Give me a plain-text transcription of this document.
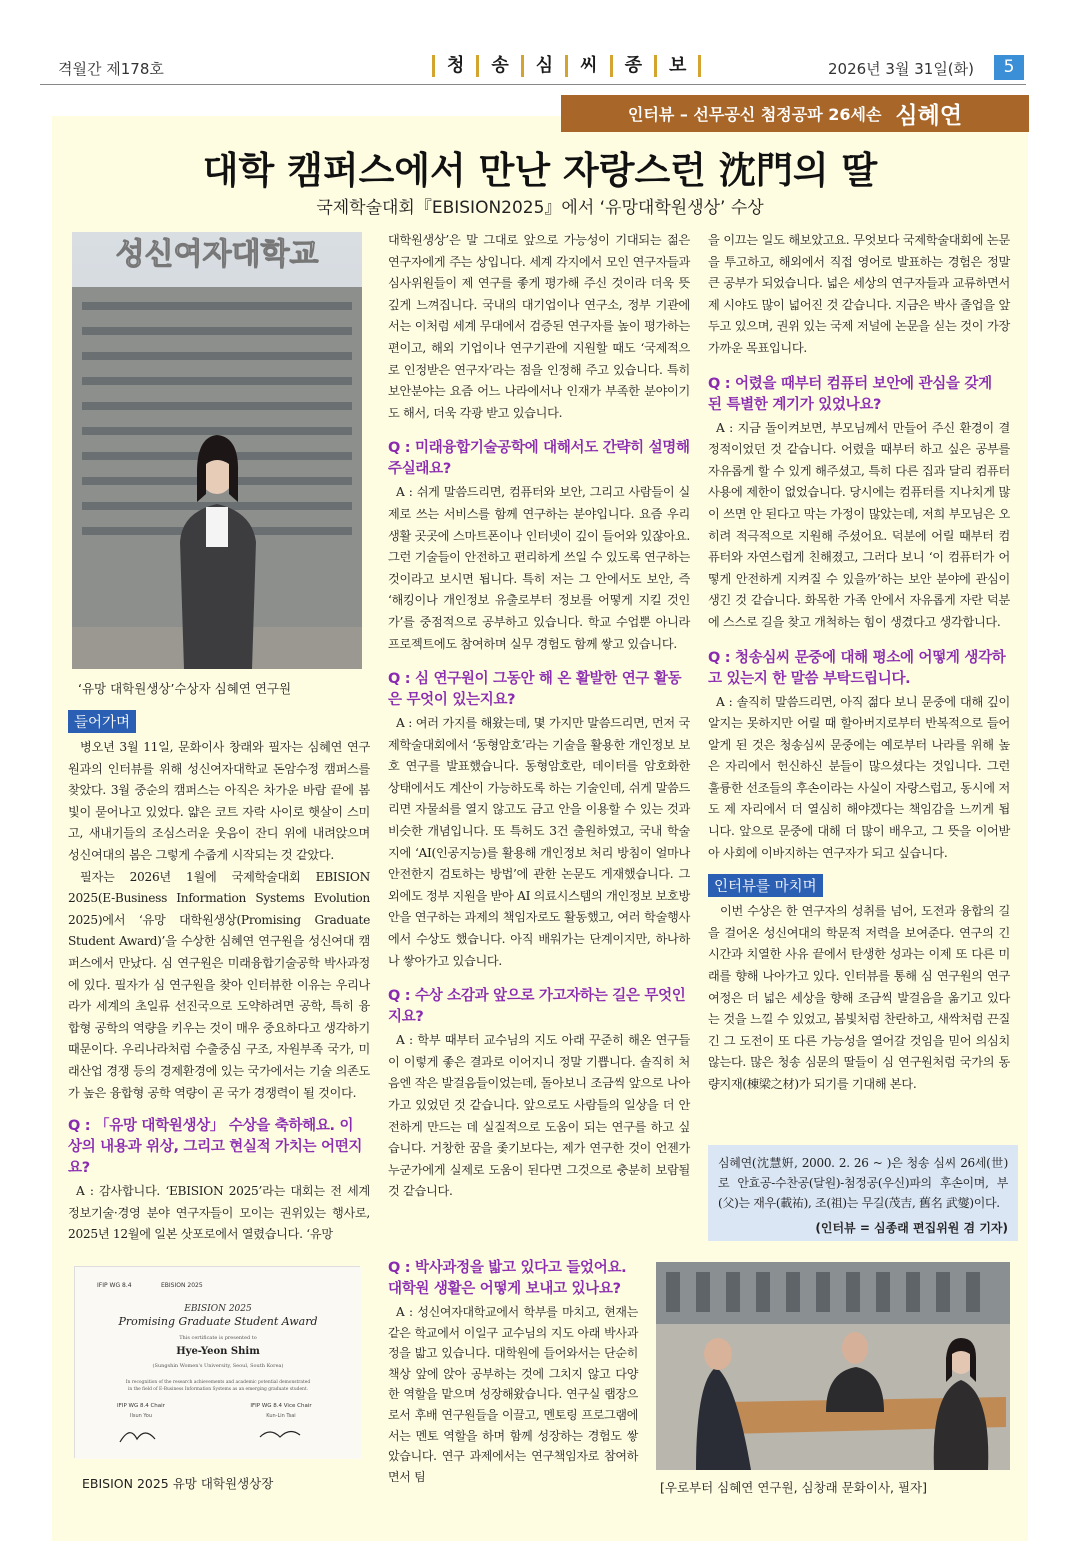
격월간 제178호	청	송	심	씨	종	보	2026년 3월 31일(화)	5
인터뷰 – 선무공신 첨정공파 26세손 심혜연
대학 캠퍼스에서 만난 자랑스런 沈門의 딸
국제학술대회『EBISION2025』에서 ‘유망대학원생상’ 수상
성신여자대학교
‘유망 대학원생상’수상자 심혜연 연구원
들어가며

병오년 3월 11일, 문화이사 창래와 필자는 심혜연 연구원과의 인터뷰를 위해 성신여자대학교 돈암수정 캠퍼스를 찾았다. 3월 중순의 캠퍼스는 아직은 차가운 바람 끝에 봄빛이 묻어나고 있었다. 얇은 코트 자락 사이로 햇살이 스미고, 새내기들의 조심스러운 웃음이 잔디 위에 내려앉으며 성신여대의 봄은 그렇게 수줍게 시작되는 것 같았다.

필자는 2026년 1월에 국제학술대회 EBISION 2025(E-Business Information Systems Evolution 2025)에서 ‘유망 대학원생상(Promising Graduate Student Award)’을 수상한 심혜연 연구원을 성신여대 캠퍼스에서 만났다. 심 연구원은 미래융합기술공학 박사과정에 있다. 필자가 심 연구원을 찾아 인터뷰한 이유는 우리나라가 세계의 초일류 선진국으로 도약하려면 공학, 특히 융합형 공학의 역량을 키우는 것이 매우 중요하다고 생각하기 때문이다. 우리나라처럼 수출중심 구조, 자원부족 국가, 미래산업 경쟁 등의 경제환경에 있는 국가에서는 기술 의존도가 높은 융합형 공학 역량이 곧 국가 경쟁력이 될 것이다.

Q : 「유망 대학원생상」 수상을 축하해요. 이 상의 내용과 위상, 그리고 현실적 가치는 어떤지요?

A : 감사합니다. ‘EBISION 2025’라는 대회는 전 세계 정보기술·경영 분야 연구자들이 모이는 권위있는 행사로, 2025년 12월에 일본 삿포로에서 열렸습니다. ‘유망

IFIP WG 8.4	EBISION 2025
EBISION 2025
Promising Graduate Student Award
This certificate is presented to
Hye-Yeon Shim
(Sungshin Women's University, Seoul, South Korea)
In recognition of the research achievements and academic potential demonstrated
in the field of E-Business Information Systems as an emerging graduate student.
IFIP WG 8.4 Chair	IFIP WG 8.4 Vice Chair
Ilsun You	Kun-Lin Tsai
EBISION 2025 유망 대학원생상장

대학원생상’은 말 그대로 앞으로 가능성이 기대되는 젊은 연구자에게 주는 상입니다. 세계 각지에서 모인 연구자들과 심사위원들이 제 연구를 좋게 평가해 주신 것이라 더욱 뜻깊게 느껴집니다. 국내의 대기업이나 연구소, 정부 기관에서는 이처럼 세계 무대에서 검증된 연구자를 높이 평가하는 편이고, 해외 기업이나 연구기관에 지원할 때도 ‘국제적으로 인정받은 연구자’라는 점을 인정해 주고 있습니다. 특히 보안분야는 요즘 어느 나라에서나 인재가 부족한 분야이기도 해서, 더욱 각광 받고 있습니다.

Q : 미래융합기술공학에 대해서도 간략히 설명해 주실래요?

A : 쉬게 말씀드리면, 컴퓨터와 보안, 그리고 사람들이 실제로 쓰는 서비스를 함께 연구하는 분야입니다. 요즘 우리 생활 곳곳에 스마트폰이나 인터넷이 깊이 들어와 있잖아요. 그런 기술들이 안전하고 편리하게 쓰일 수 있도록 연구하는 것이라고 보시면 됩니다. 특히 저는 그 안에서도 보안, 즉 ‘해킹이나 개인정보 유출로부터 정보를 어떻게 지킬 것인가’를 중점적으로 공부하고 있습니다. 학교 수업뿐 아니라 프로젝트에도 참여하며 실무 경험도 함께 쌓고 있습니다.

Q : 심 연구원이 그동안 해 온 활발한 연구 활동은 무엇이 있는지요?

A : 여러 가지를 해왔는데, 몇 가지만 말씀드리면, 먼저 국제학술대회에서 ‘동형암호’라는 기술을 활용한 개인정보 보호 연구를 발표했습니다. 동형암호란, 데이터를 암호화한 상태에서도 계산이 가능하도록 하는 기술인데, 쉬게 말씀드리면 자물쇠를 열지 않고도 금고 안을 이용할 수 있는 것과 비슷한 개념입니다. 또 특허도 3건 출원하였고, 국내 학술지에 ‘AI(인공지능)를 활용해 개인정보 처리 방침이 얼마나 안전한지 검토하는 방법’에 관한 논문도 게재했습니다. 그 외에도 정부 지원을 받아 AI 의료시스템의 개인정보 보호방안을 연구하는 과제의 책임자로도 활동했고, 여러 학술행사에서 수상도 했습니다. 아직 배워가는 단계이지만, 하나하나 쌓아가고 있습니다.

Q : 수상 소감과 앞으로 가고자하는 길은 무엇인지요?

A : 학부 때부터 교수님의 지도 아래 꾸준히 해온 연구들이 이렇게 좋은 결과로 이어지니 정말 기쁩니다. 솔직히 처음엔 작은 발걸음들이었는데, 돌아보니 조금씩 앞으로 나아가고 있었던 것 같습니다. 앞으로도 사람들의 일상을 더 안전하게 만드는 데 실질적으로 도움이 되는 연구를 하고 싶습니다. 거창한 꿈을 좇기보다는, 제가 연구한 것이 언젠가 누군가에게 실제로 도움이 된다면 그것으로 충분히 보람될 것 같습니다.

Q : 박사과정을 밟고 있다고 들었어요. 대학원 생활은 어떻게 보내고 있나요?

A : 성신여자대학교에서 학부를 마치고, 현재는 같은 학교에서 이일구 교수님의 지도 아래 박사과정을 밟고 있습니다. 대학원에 들어와서는 단순히 책상 앞에 앉아 공부하는 것에 그치지 않고 다양한 역할을 맡으며 성장해왔습니다. 연구실 랩장으로서 후배 연구원들을 이끌고, 멘토링 프로그램에서는 멘토 역할을 하며 함께 성장하는 경험도 쌓았습니다. 연구 과제에서는 연구책임자로 참여하면서 팀

을 이끄는 일도 해보았고요. 무엇보다 국제학술대회에 논문을 투고하고, 해외에서 직접 영어로 발표하는 경험은 정말 큰 공부가 되었습니다. 넓은 세상의 연구자들과 교류하면서 제 시야도 많이 넓어진 것 같습니다. 지금은 박사 졸업을 앞두고 있으며, 권위 있는 국제 저널에 논문을 싣는 것이 가장 가까운 목표입니다.

Q : 어렸을 때부터 컴퓨터 보안에 관심을 갖게 된 특별한 계기가 있었나요?

A : 지금 돌이켜보면, 부모님께서 만들어 주신 환경이 결정적이었던 것 같습니다. 어렸을 때부터 하고 싶은 공부를 자유롭게 할 수 있게 해주셨고, 특히 다른 집과 달리 컴퓨터 사용에 제한이 없었습니다. 당시에는 컴퓨터를 지나치게 많이 쓰면 안 된다고 막는 가정이 많았는데, 저희 부모님은 오히려 적극적으로 지원해 주셨어요. 덕분에 어릴 때부터 컴퓨터와 자연스럽게 친해졌고, 그러다 보니 ‘이 컴퓨터가 어떻게 안전하게 지켜질 수 있을까’하는 보안 분야에 관심이 생긴 것 같습니다. 화목한 가족 안에서 자유롭게 자란 덕분에 스스로 길을 찾고 개척하는 힘이 생겼다고 생각합니다.

Q : 청송심씨 문중에 대해 평소에 어떻게 생각하고 있는지 한 말씀 부탁드립니다.

A : 솔직히 말씀드리면, 아직 젊다 보니 문중에 대해 깊이 알지는 못하지만 어릴 때 할아버지로부터 반복적으로 들어 알게 된 것은 청송심씨 문중에는 예로부터 나라를 위해 높은 자리에서 헌신하신 분들이 많으셨다는 것입니다. 그런 훌륭한 선조들의 후손이라는 사실이 자랑스럽고, 동시에 저도 제 자리에서 더 열심히 해야겠다는 책임감을 느끼게 됩니다. 앞으로 문중에 대해 더 많이 배우고, 그 뜻을 이어받아 사회에 이바지하는 연구자가 되고 싶습니다.

인터뷰를 마치며

이번 수상은 한 연구자의 성취를 넘어, 도전과 융합의 길을 걸어온 성신여대의 학문적 저력을 보여준다. 연구의 긴 시간과 치열한 사유 끝에서 탄생한 성과는 이제 또 다른 미래를 향해 나아가고 있다. 인터뷰를 통해 심 연구원의 연구 여정은 더 넓은 세상을 향해 조금씩 발걸음을 옮기고 있다는 것을 느낄 수 있었고, 봄빛처럼 찬란하고, 새싹처럼 끈질긴 그 도전이 또 다른 가능성을 열어갈 것임을 믿어 의심치 않는다. 많은 청송 심문의 딸들이 심 연구원처럼 국가의 동량지재(棟梁之材)가 되기를 기대해 본다.

심혜연(沈慧姸, 2000. 2. 26 ~ )은 청송 심씨 26세(世)로 안효공-수찬공(달원)-첨정공(우신)파의 후손이며, 부(父)는 재우(載祐), 조(祖)는 무길(茂吉, 舊名 武燮)이다.

(인터뷰 = 심종래 편집위원 겸 기자)

[우로부터 심혜연 연구원, 심창래 문화이사, 필자]
